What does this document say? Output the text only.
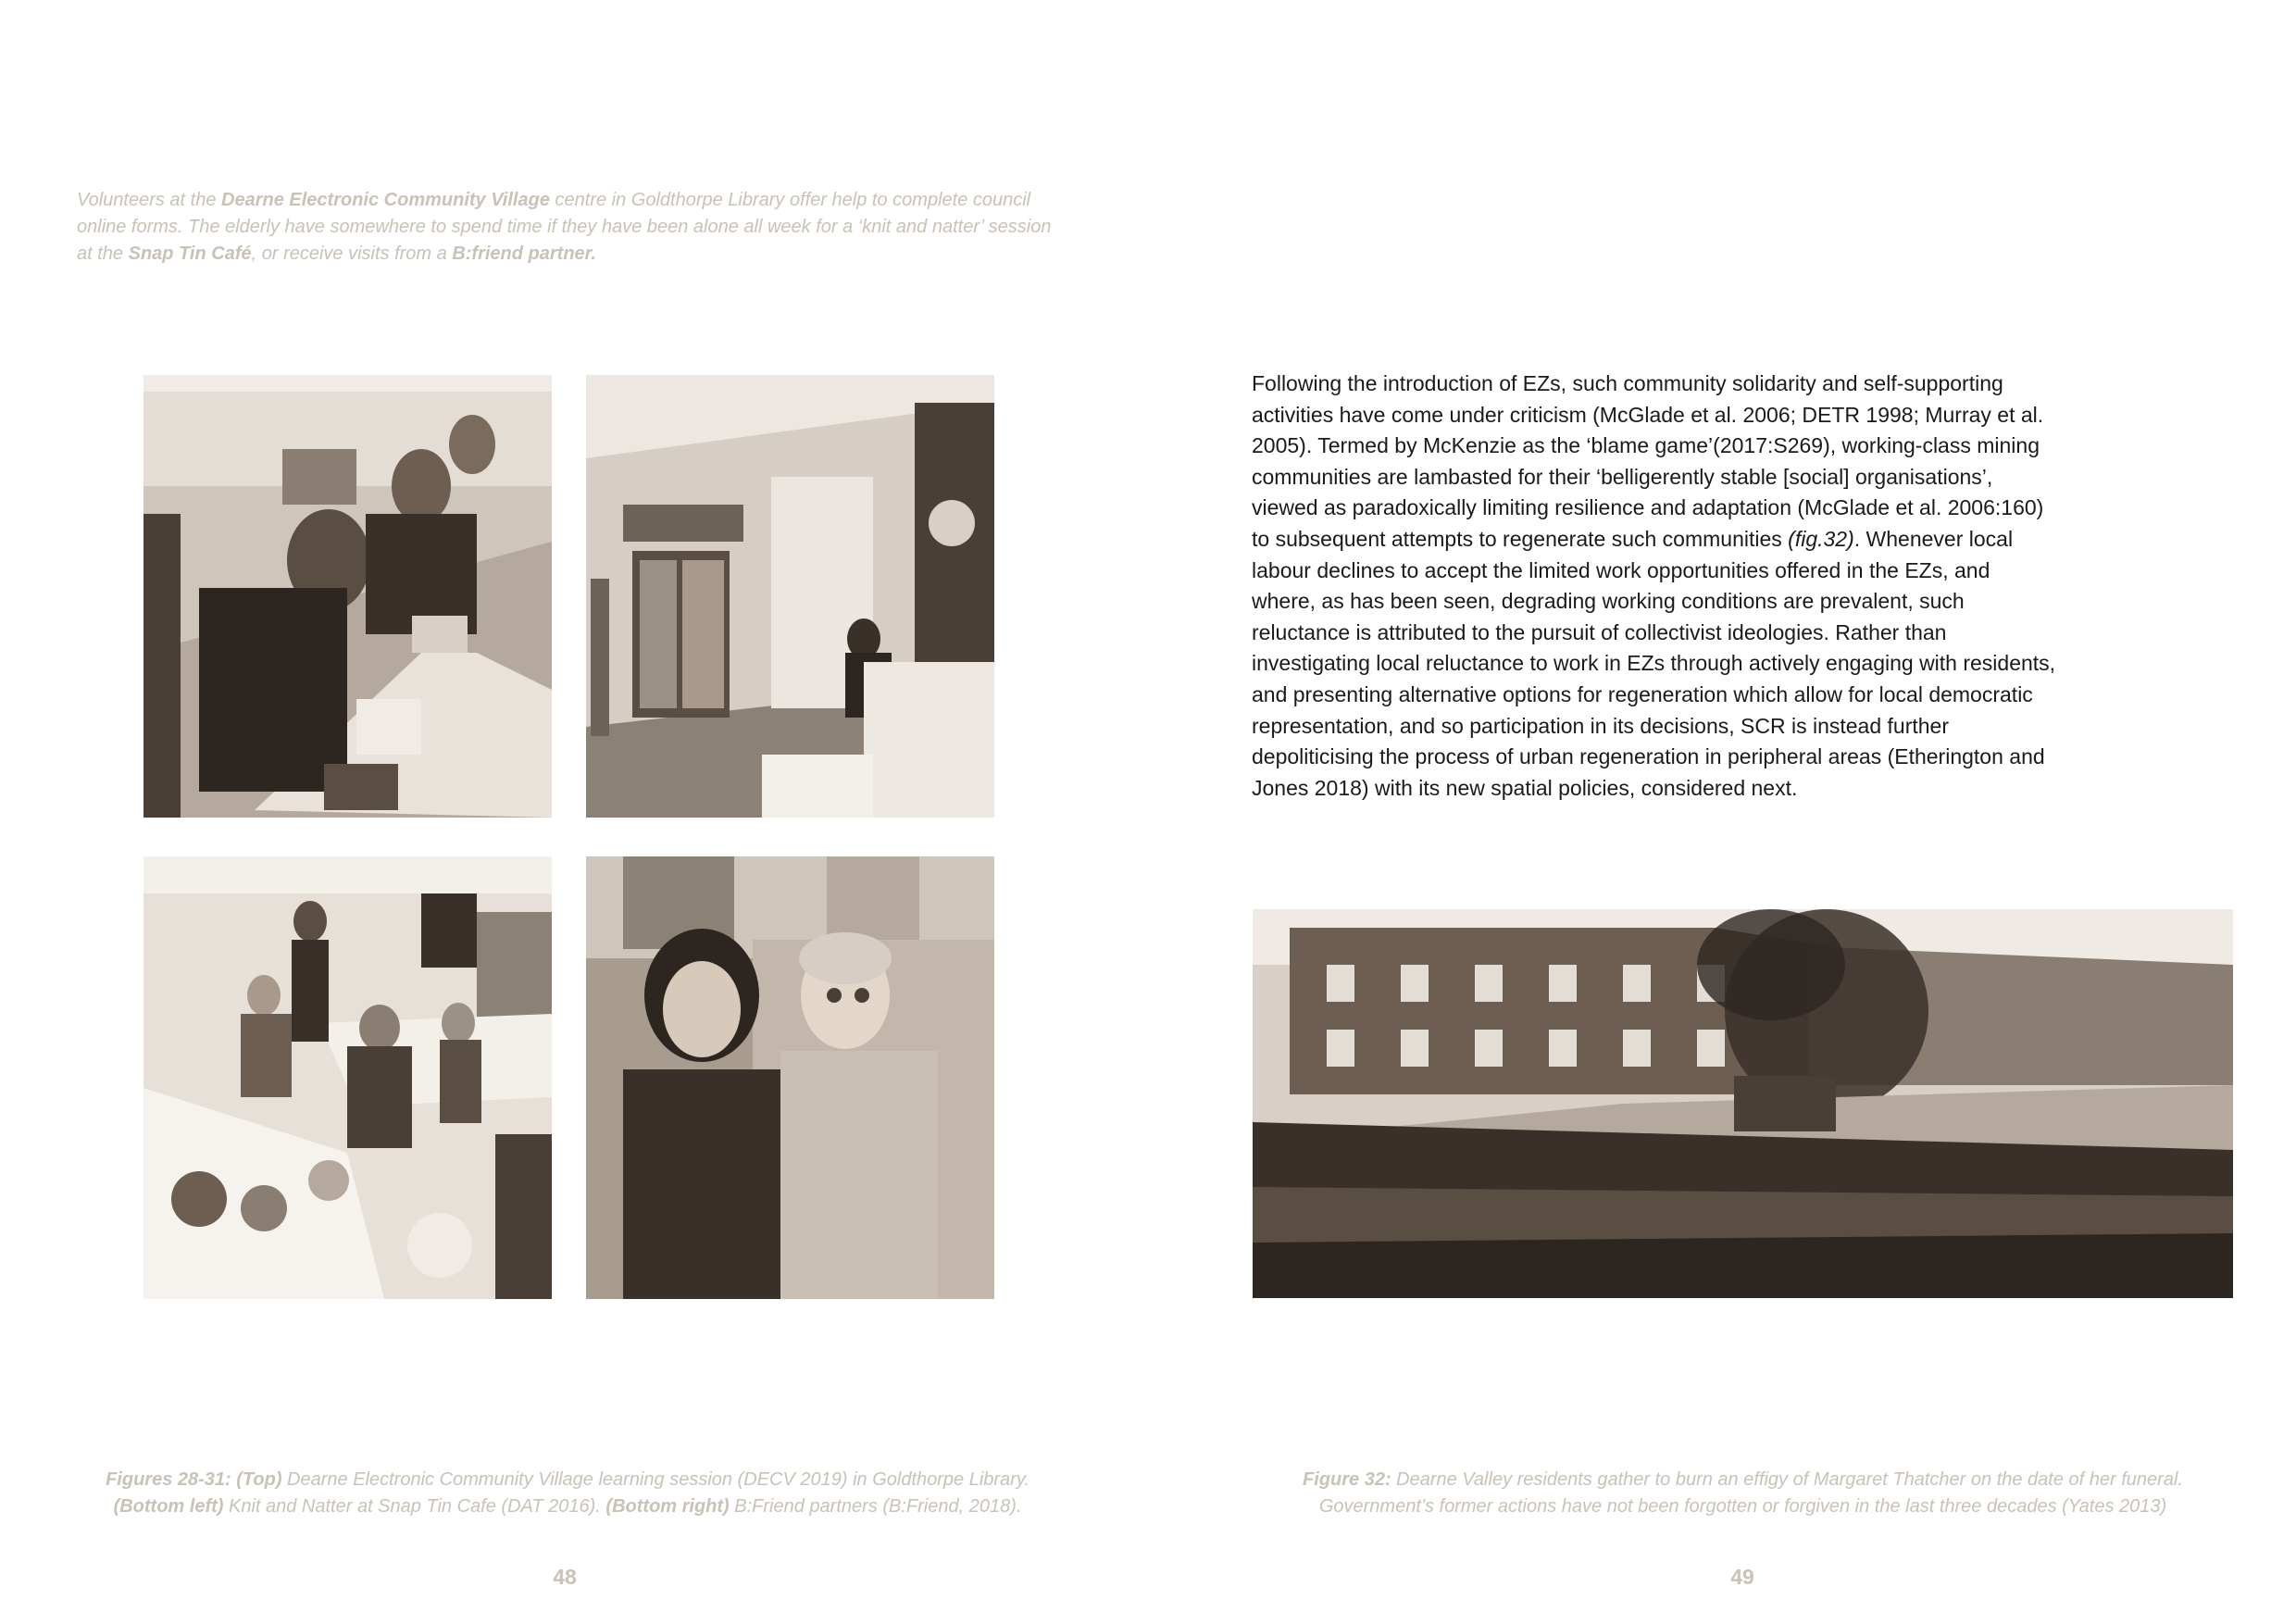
Volunteers at the Dearne Electronic Community Village centre in Goldthorpe Library offer help to complete council online forms. The elderly have somewhere to spend time if they have been alone all week for a ‘knit and natter’ session at the Snap Tin Café, or receive visits from a B:friend partner.

Figures 28-31: (Top) Dearne Electronic Community Village learning session (DECV 2019) in Goldthorpe Library.
(Bottom left) Knit and Natter at Snap Tin Cafe (DAT 2016). (Bottom right) B:Friend partners (B:Friend, 2018).

48

Following the introduction of EZs, such community solidarity and self-supporting activities have come under criticism (McGlade et al. 2006; DETR 1998; Murray et al. 2005). Termed by McKenzie as the ‘blame game’(2017:S269), working-class mining communities are lambasted for their ‘belligerently stable [social] organisations’, viewed as paradoxically limiting resilience and adaptation (McGlade et al. 2006:160) to subsequent attempts to regenerate such communities (fig.32). Whenever local labour declines to accept the limited work opportunities offered in the EZs, and where, as has been seen, degrading working conditions are prevalent, such reluctance is attributed to the pursuit of collectivist ideologies. Rather than investigating local reluctance to work in EZs through actively engaging with residents, and presenting alternative options for regeneration which allow for local democratic representation, and so participation in its decisions, SCR is instead further depoliticising the process of urban regeneration in peripheral areas (Etherington and Jones 2018) with its new spatial policies, considered next.

Figure 32: Dearne Valley residents gather to burn an effigy of Margaret Thatcher on the date of her funeral.
Government’s former actions have not been forgotten or forgiven in the last three decades (Yates 2013)

49
